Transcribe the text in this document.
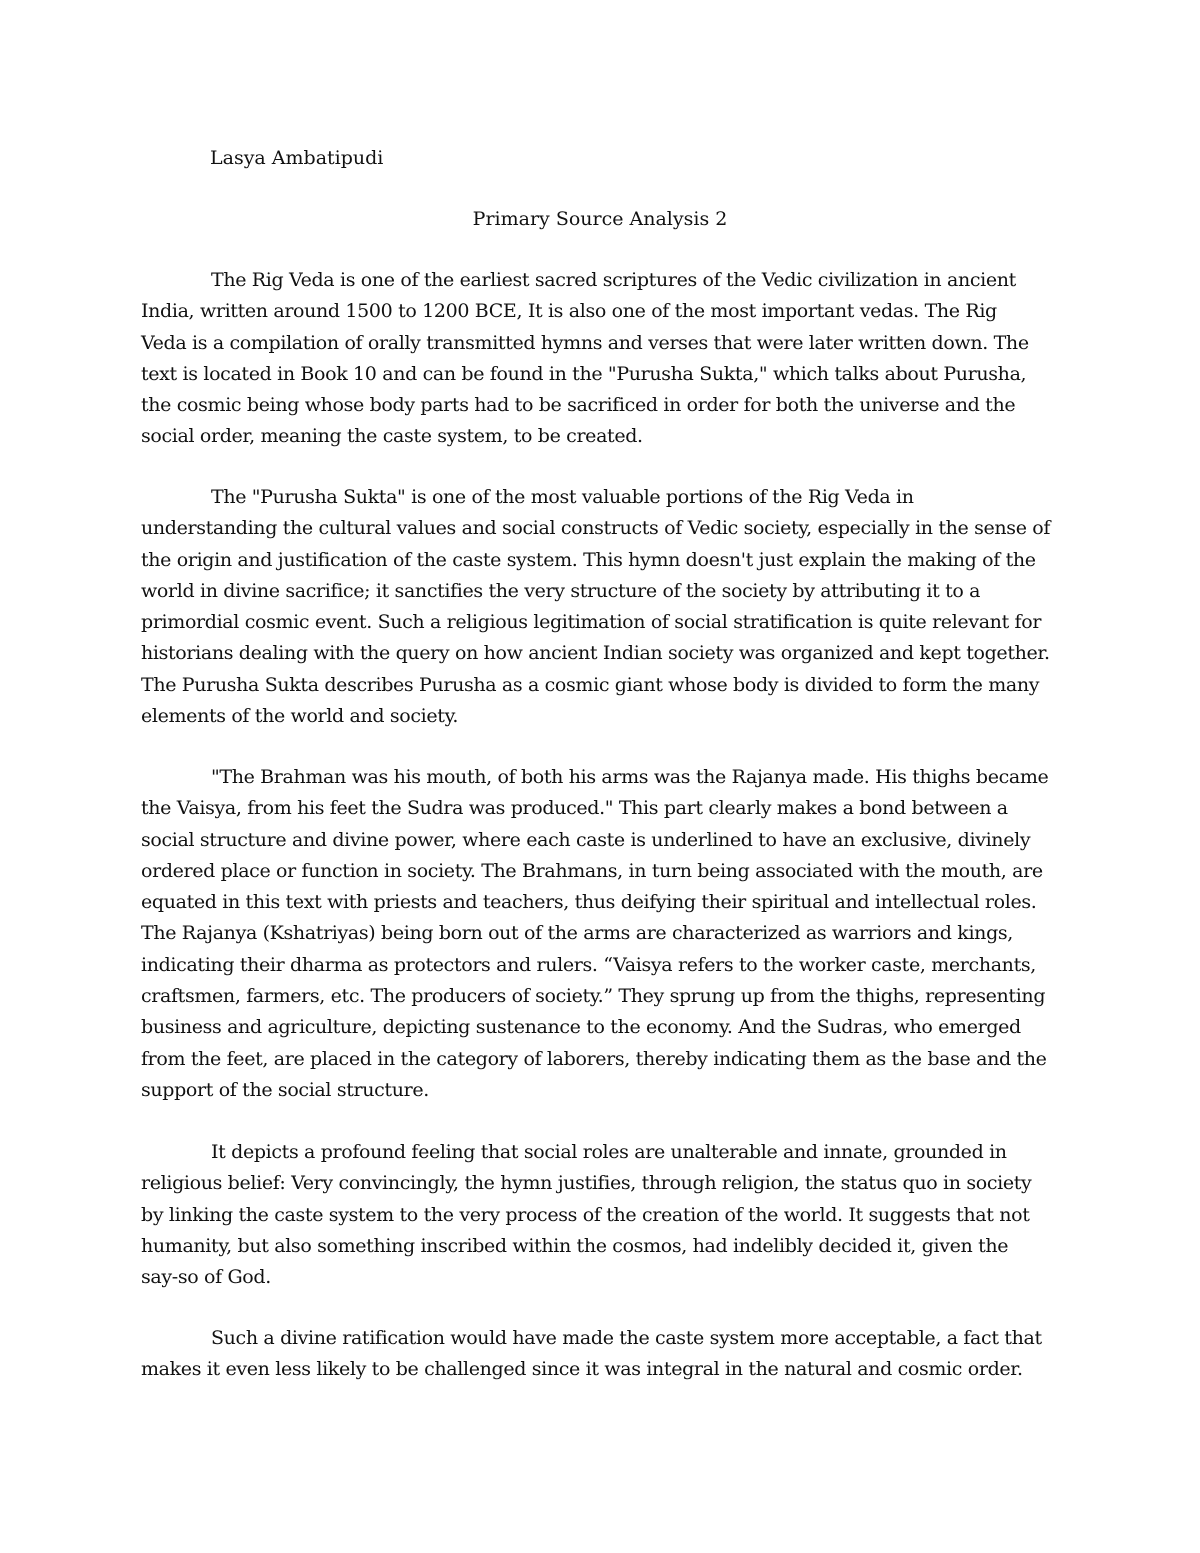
Lasya Ambatipudi
Primary Source Analysis 2
The Rig Veda is one of the earliest sacred scriptures of the Vedic civilization in ancient
India, written around 1500 to 1200 BCE, It is also one of the most important vedas. The Rig
Veda is a compilation of orally transmitted hymns and verses that were later written down. The
text is located in Book 10 and can be found in the "Purusha Sukta," which talks about Purusha,
the cosmic being whose body parts had to be sacrificed in order for both the universe and the
social order, meaning the caste system, to be created.
The "Purusha Sukta" is one of the most valuable portions of the Rig Veda in
understanding the cultural values and social constructs of Vedic society, especially in the sense of
the origin and justification of the caste system. This hymn doesn't just explain the making of the
world in divine sacrifice; it sanctifies the very structure of the society by attributing it to a
primordial cosmic event. Such a religious legitimation of social stratification is quite relevant for
historians dealing with the query on how ancient Indian society was organized and kept together.
The Purusha Sukta describes Purusha as a cosmic giant whose body is divided to form the many
elements of the world and society.
"The Brahman was his mouth, of both his arms was the Rajanya made. His thighs became
the Vaisya, from his feet the Sudra was produced." This part clearly makes a bond between a
social structure and divine power, where each caste is underlined to have an exclusive, divinely
ordered place or function in society. The Brahmans, in turn being associated with the mouth, are
equated in this text with priests and teachers, thus deifying their spiritual and intellectual roles.
The Rajanya (Kshatriyas) being born out of the arms are characterized as warriors and kings,
indicating their dharma as protectors and rulers. “Vaisya refers to the worker caste, merchants,
craftsmen, farmers, etc. The producers of society.” They sprung up from the thighs, representing
business and agriculture, depicting sustenance to the economy. And the Sudras, who emerged
from the feet, are placed in the category of laborers, thereby indicating them as the base and the
support of the social structure.
It depicts a profound feeling that social roles are unalterable and innate, grounded in
religious belief: Very convincingly, the hymn justifies, through religion, the status quo in society
by linking the caste system to the very process of the creation of the world. It suggests that not
humanity, but also something inscribed within the cosmos, had indelibly decided it, given the
say-so of God.
Such a divine ratification would have made the caste system more acceptable, a fact that
makes it even less likely to be challenged since it was integral in the natural and cosmic order.
